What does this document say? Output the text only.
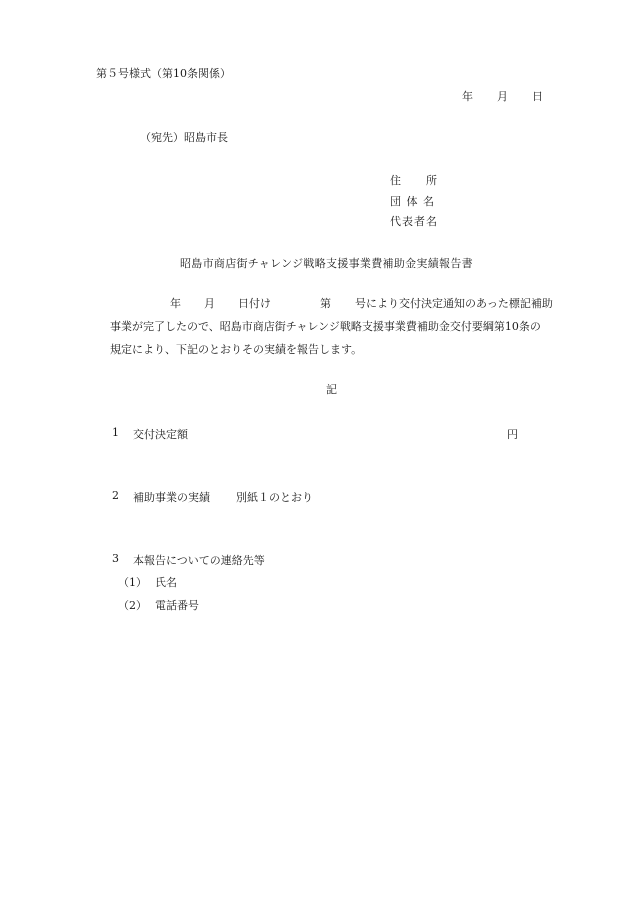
第５号様式（第10条関係）
年 月 日
（宛先）昭島市長
住　　所
団 体 名
代表者名
昭島市商店街チャレンジ戦略支援事業費補助金実績報告書
年 月 日付け	第 号により交付決定通知のあった標記補助
事業が完了したので、昭島市商店街チャレンジ戦略支援事業費補助金交付要綱第10条の
規定により、下記のとおりその実績を報告します。
記
1 交付決定額	円
2 補助事業の実績 別紙１のとおり
3 本報告についての連絡先等
（1） 氏名
（2） 電話番号
